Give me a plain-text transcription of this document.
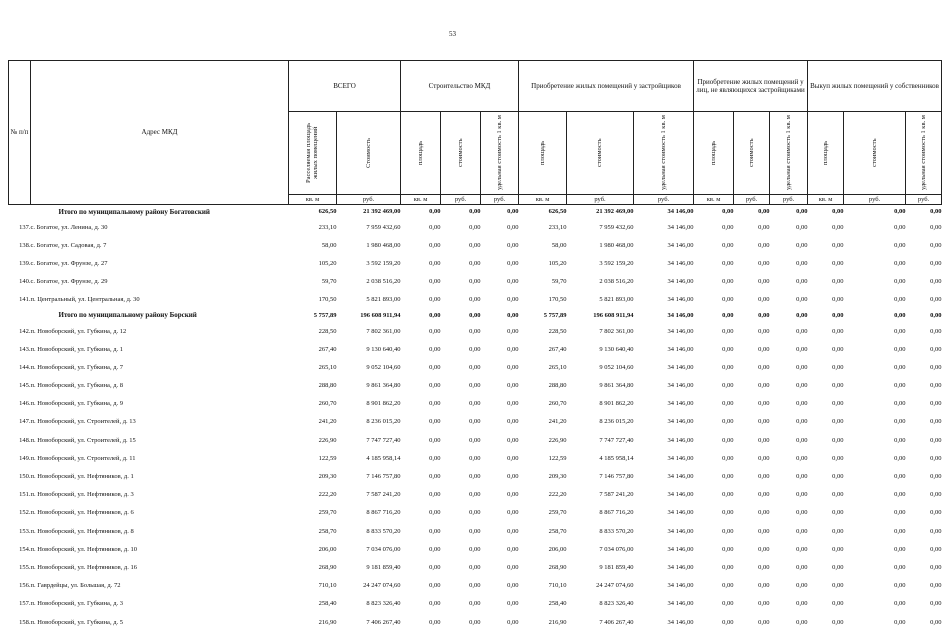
53
№ п/п	Адрес МКД	ВСЕГО		Строительство МКД			Приобретение жилых помещений у застройщиков			Приобретение жилых помещений у лиц, не являющихся застройщиками			Выкуп жилых помещений у собственников		

		Расселяемая площадь жилых помещений	Стоимость	площадь	стоимость	удельная стоимость 1 кв. м	площадь	стоимость	удельная стоимость 1 кв. м	площадь	стоимость	удельная стоимость 1 кв. м	площадь	стоимость	удельная стоимость 1 кв. м

		кв. м	руб.	кв. м	руб.	руб.	кв. м	руб.	руб.	кв. м	руб.	руб.	кв. м	руб.	руб.
Итого по муниципальному району Богатовский		626,50	21 392 469,00	0,00	0,00	0,00	626,50	21 392 469,00	34 146,00	0,00	0,00	0,00	0,00	0,00	0,00
137.	с. Богатое, ул. Ленина, д. 30	233,10	7 959 432,60	0,00	0,00	0,00	233,10	7 959 432,60	34 146,00	0,00	0,00	0,00	0,00	0,00	0,00
138.	с. Богатое, ул. Садовая, д. 7	58,00	1 980 468,00	0,00	0,00	0,00	58,00	1 980 468,00	34 146,00	0,00	0,00	0,00	0,00	0,00	0,00
139.	с. Богатое, ул. Фрунзе, д. 27	105,20	3 592 159,20	0,00	0,00	0,00	105,20	3 592 159,20	34 146,00	0,00	0,00	0,00	0,00	0,00	0,00
140.	с. Богатое, ул. Фрунзе, д. 29	59,70	2 038 516,20	0,00	0,00	0,00	59,70	2 038 516,20	34 146,00	0,00	0,00	0,00	0,00	0,00	0,00
141.	п. Центральный, ул. Центральная, д. 30	170,50	5 821 893,00	0,00	0,00	0,00	170,50	5 821 893,00	34 146,00	0,00	0,00	0,00	0,00	0,00	0,00
Итого по муниципальному району Борский		5 757,89	196 608 911,94	0,00	0,00	0,00	5 757,89	196 608 911,94	34 146,00	0,00	0,00	0,00	0,00	0,00	0,00
142.	п. Новоборский, ул. Губкина, д. 12	228,50	7 802 361,00	0,00	0,00	0,00	228,50	7 802 361,00	34 146,00	0,00	0,00	0,00	0,00	0,00	0,00
143.	п. Новоборский, ул. Губкина, д. 1	267,40	9 130 640,40	0,00	0,00	0,00	267,40	9 130 640,40	34 146,00	0,00	0,00	0,00	0,00	0,00	0,00
144.	п. Новоборский, ул. Губкина, д. 7	265,10	9 052 104,60	0,00	0,00	0,00	265,10	9 052 104,60	34 146,00	0,00	0,00	0,00	0,00	0,00	0,00
145.	п. Новоборский, ул. Губкина, д. 8	288,80	9 861 364,80	0,00	0,00	0,00	288,80	9 861 364,80	34 146,00	0,00	0,00	0,00	0,00	0,00	0,00
146.	п. Новоборский, ул. Губкина, д. 9	260,70	8 901 862,20	0,00	0,00	0,00	260,70	8 901 862,20	34 146,00	0,00	0,00	0,00	0,00	0,00	0,00
147.	п. Новоборский, ул. Строителей, д. 13	241,20	8 236 015,20	0,00	0,00	0,00	241,20	8 236 015,20	34 146,00	0,00	0,00	0,00	0,00	0,00	0,00
148.	п. Новоборский, ул. Строителей, д. 15	226,90	7 747 727,40	0,00	0,00	0,00	226,90	7 747 727,40	34 146,00	0,00	0,00	0,00	0,00	0,00	0,00
149.	п. Новоборский, ул. Строителей, д. 11	122,59	4 185 958,14	0,00	0,00	0,00	122,59	4 185 958,14	34 146,00	0,00	0,00	0,00	0,00	0,00	0,00
150.	п. Новоборский, ул. Нефтяников, д. 1	209,30	7 146 757,80	0,00	0,00	0,00	209,30	7 146 757,80	34 146,00	0,00	0,00	0,00	0,00	0,00	0,00
151.	п. Новоборский, ул. Нефтяников, д. 3	222,20	7 587 241,20	0,00	0,00	0,00	222,20	7 587 241,20	34 146,00	0,00	0,00	0,00	0,00	0,00	0,00
152.	п. Новоборский, ул. Нефтяников, д. 6	259,70	8 867 716,20	0,00	0,00	0,00	259,70	8 867 716,20	34 146,00	0,00	0,00	0,00	0,00	0,00	0,00
153.	п. Новоборский, ул. Нефтяников, д. 8	258,70	8 833 570,20	0,00	0,00	0,00	258,70	8 833 570,20	34 146,00	0,00	0,00	0,00	0,00	0,00	0,00
154.	п. Новоборский, ул. Нефтяников, д. 10	206,00	7 034 076,00	0,00	0,00	0,00	206,00	7 034 076,00	34 146,00	0,00	0,00	0,00	0,00	0,00	0,00
155.	п. Новоборский, ул. Нефтяников, д. 16	268,90	9 181 859,40	0,00	0,00	0,00	268,90	9 181 859,40	34 146,00	0,00	0,00	0,00	0,00	0,00	0,00
156.	п. Гаврдейцы, ул. Большая, д. 72	710,10	24 247 074,60	0,00	0,00	0,00	710,10	24 247 074,60	34 146,00	0,00	0,00	0,00	0,00	0,00	0,00
157.	п. Новоборский, ул. Губкина, д. 3	258,40	8 823 326,40	0,00	0,00	0,00	258,40	8 823 326,40	34 146,00	0,00	0,00	0,00	0,00	0,00	0,00
158.	п. Новоборский, ул. Губкина, д. 5	216,90	7 406 267,40	0,00	0,00	0,00	216,90	7 406 267,40	34 146,00	0,00	0,00	0,00	0,00	0,00	0,00
